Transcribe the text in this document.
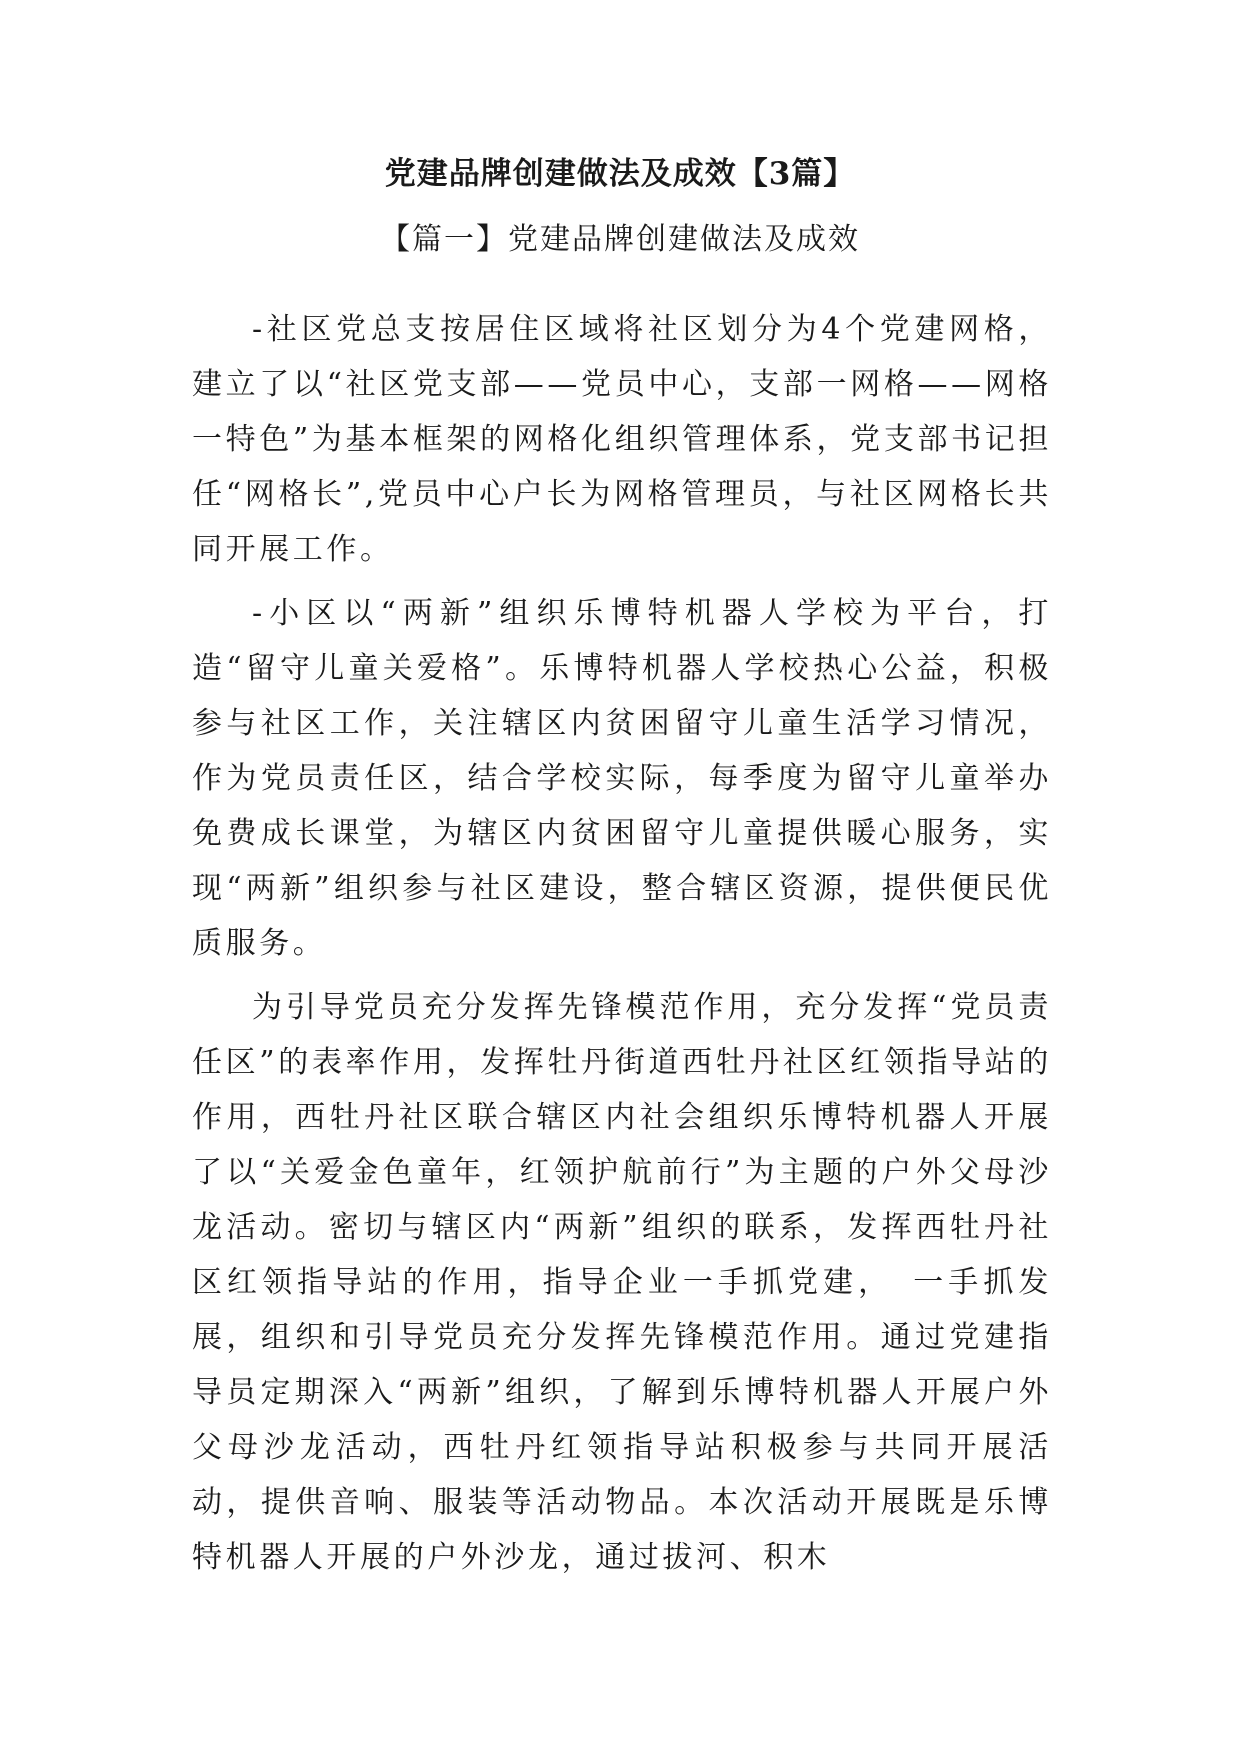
党建品牌创建做法及成效【3篇】
【篇一】党建品牌创建做法及成效

-社区党总支按居住区域将社区划分为4个党建网格，建立了以“社区党支部——党员中心，支部一网格——网格一特色”为基本框架的网格化组织管理体系，党支部书记担任“网格长”,党员中心户长为网格管理员，与社区网格长共同开展工作。

-小区以“两新”组织乐博特机器人学校为平台，打造“留守儿童关爱格”。乐博特机器人学校热心公益，积极参与社区工作，关注辖区内贫困留守儿童生活学习情况，作为党员责任区，结合学校实际，每季度为留守儿童举办免费成长课堂，为辖区内贫困留守儿童提供暖心服务，实现“两新”组织参与社区建设，整合辖区资源，提供便民优质服务。

为引导党员充分发挥先锋模范作用，充分发挥“党员责任区”的表率作用，发挥牡丹街道西牡丹社区红领指导站的作用，西牡丹社区联合辖区内社会组织乐博特机器人开展了以“关爱金色童年，红领护航前行”为主题的户外父母沙龙活动。密切与辖区内“两新”组织的联系，发挥西牡丹社区红领指导站的作用，指导企业一手抓党建，　一手抓发展，组织和引导党员充分发挥先锋模范作用。通过党建指导员定期深入“两新”组织，了解到乐博特机器人开展户外父母沙龙活动，西牡丹红领指导站积极参与共同开展活动，提供音响、服装等活动物品。本次活动开展既是乐博特机器人开展的户外沙龙，通过拔河、积木
